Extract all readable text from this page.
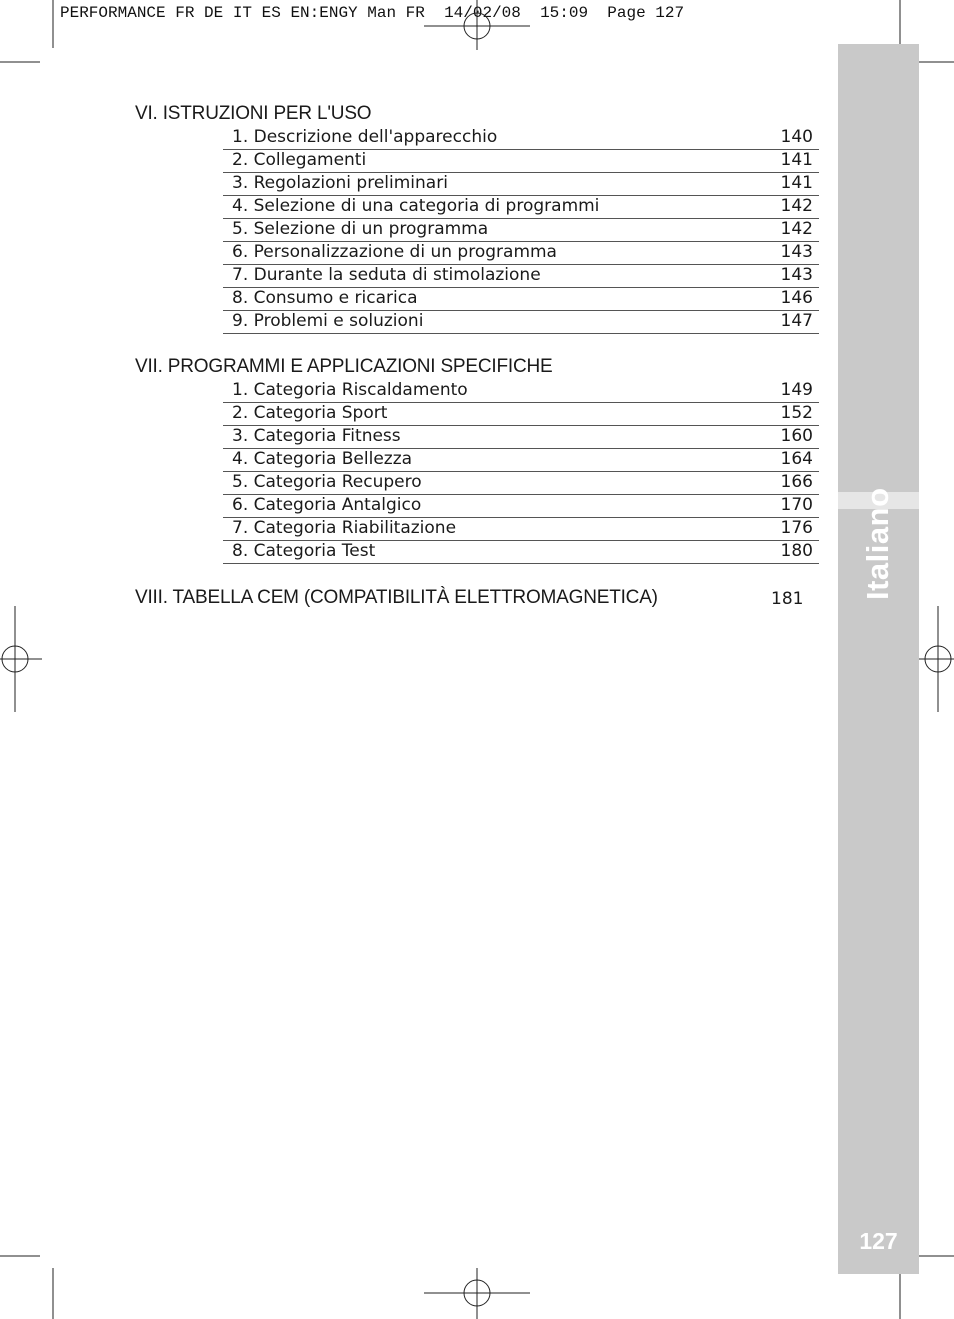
PERFORMANCE FR DE IT ES EN:ENGY Man FR  14/02/08  15:09  Page 127
Italiano
127
VI. ISTRUZIONI PER L'USO
1. Descrizione dell'apparecchio	140
2. Collegamenti	141
3. Regolazioni preliminari	141
4. Selezione di una categoria di programmi	142
5. Selezione di un programma	142
6. Personalizzazione di un programma	143
7. Durante la seduta di stimolazione	143
8. Consumo e ricarica	146
9. Problemi e soluzioni	147
VII. PROGRAMMI E APPLICAZIONI SPECIFICHE
1. Categoria Riscaldamento	149
2. Categoria Sport	152
3. Categoria Fitness	160
4. Categoria Bellezza	164
5. Categoria Recupero	166
6. Categoria Antalgico	170
7. Categoria Riabilitazione	176
8. Categoria Test	180
VIII. TABELLA CEM (COMPATIBILITÀ ELETTROMAGNETICA)	181
